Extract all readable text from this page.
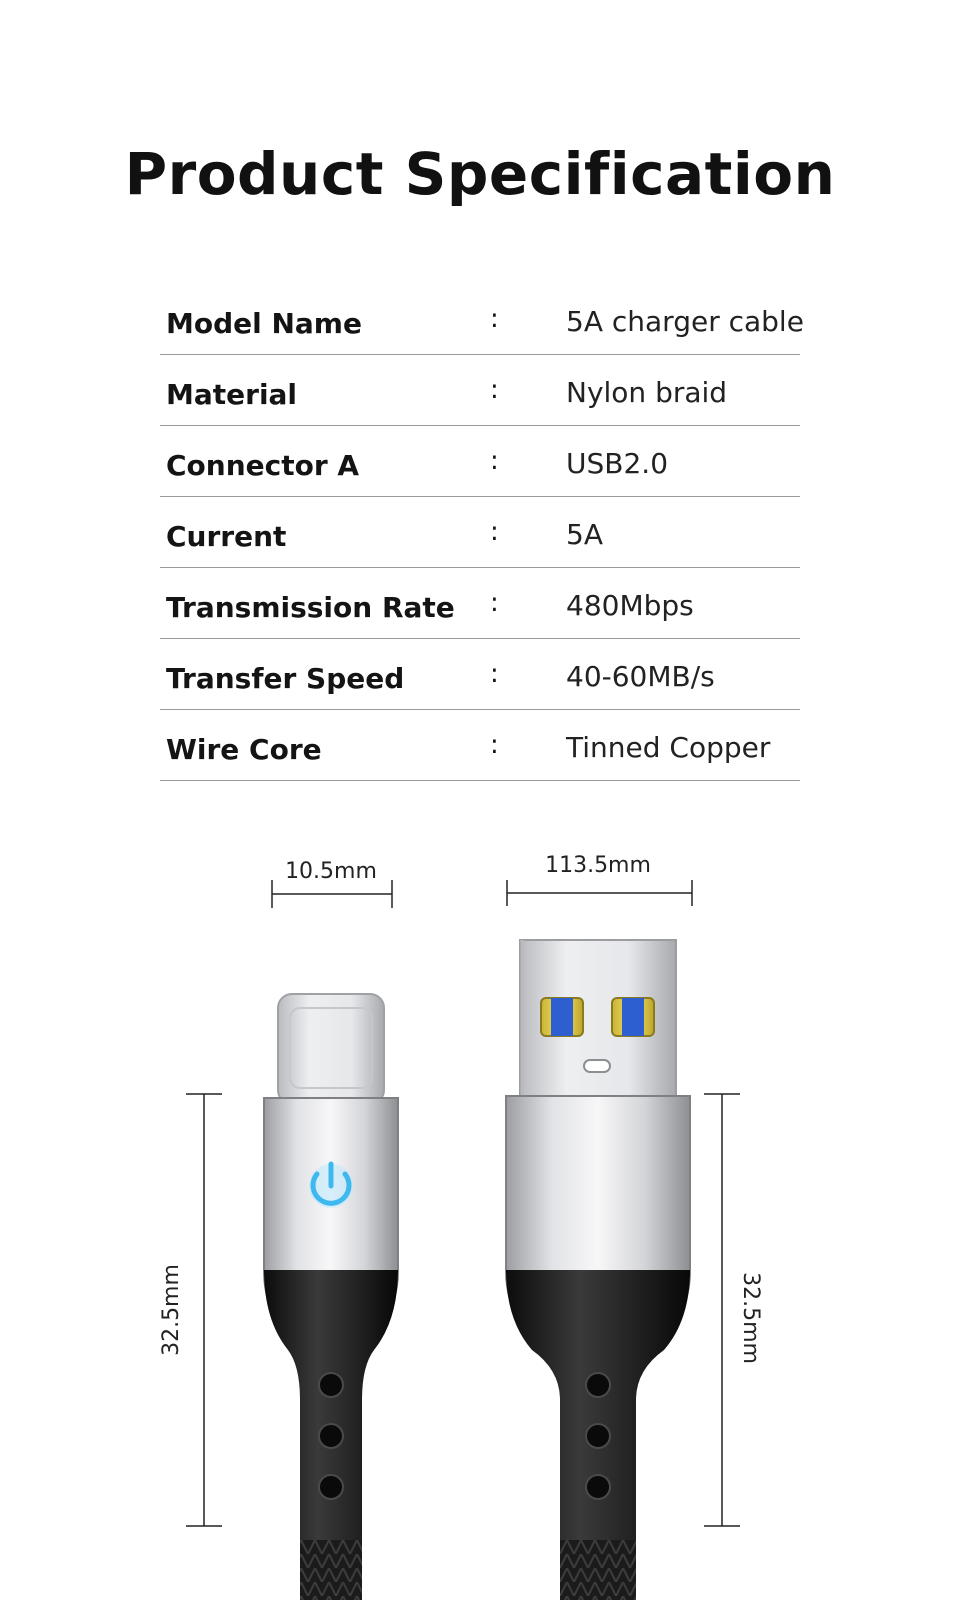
Product Specification
Model Name	: 5A charger cable
Material	: Nylon braid
Connector A	: USB2.0
Current	: 5A
Transmission Rate : 480Mbps
Transfer Speed	: 40-60MB/s
Wire Core	: Tinned Copper
10.5mm	113.5mm
32.5mm	32.5mm
